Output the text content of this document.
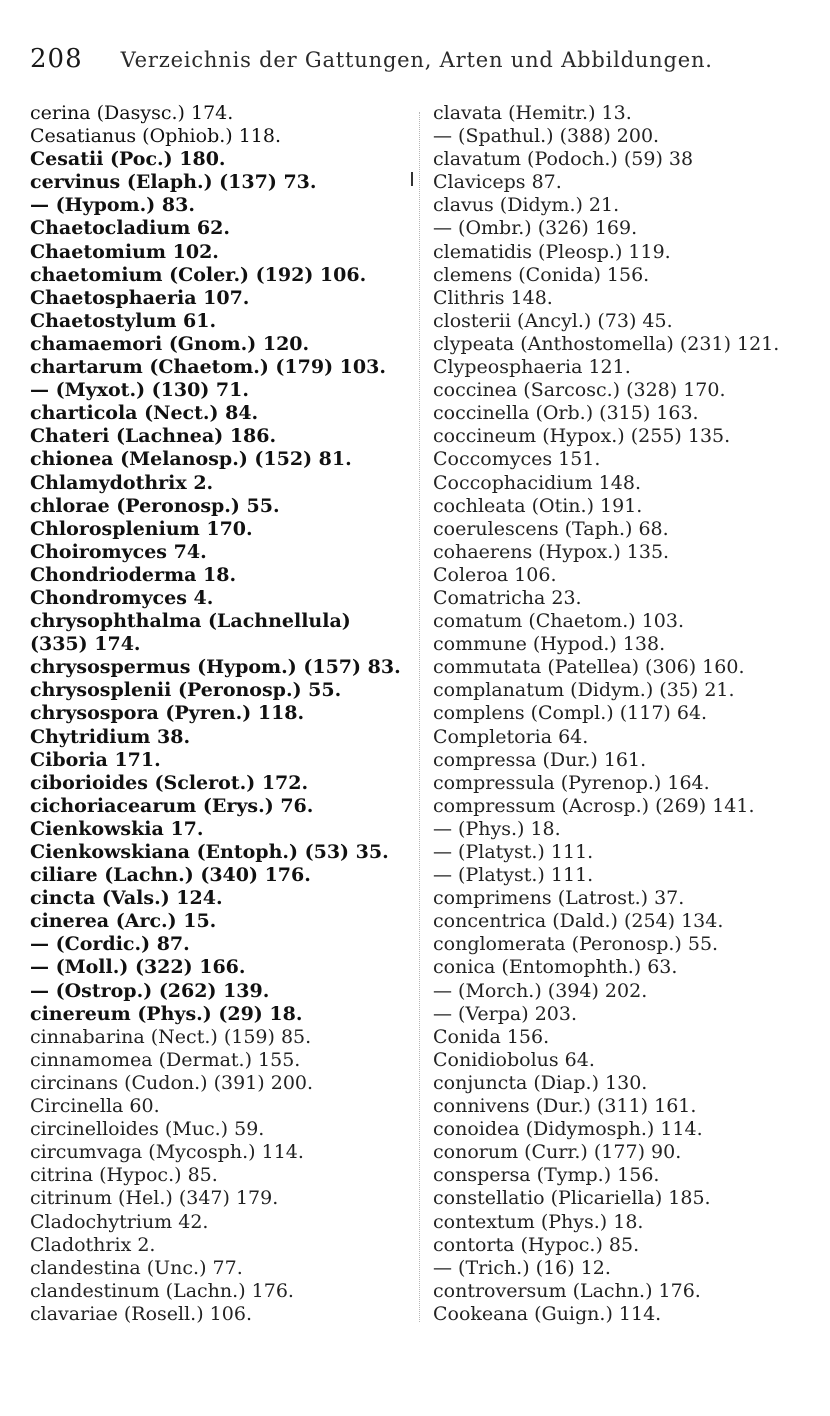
208 Verzeichnis der Gattungen, Arten und Abbildungen.
cerina (Dasysc.) 174.
Cesatianus (Ophiob.) 118.
Cesatii (Poc.) 180.
cervinus (Elaph.) (137) 73.
— (Hypom.) 83.
Chaetocladium 62.
Chaetomium 102.
chaetomium (Coler.) (192) 106.
Chaetosphaeria 107.
Chaetostylum 61.
chamaemori (Gnom.) 120.
chartarum (Chaetom.) (179) 103.
— (Myxot.) (130) 71.
charticola (Nect.) 84.
Chateri (Lachnea) 186.
chionea (Melanosp.) (152) 81.
Chlamydothrix 2.
chlorae (Peronosp.) 55.
Chlorosplenium 170.
Choiromyces 74.
Chondrioderma 18.
Chondromyces 4.
chrysophthalma (Lachnellula) (335) 174.
chrysospermus (Hypom.) (157) 83.
chrysosplenii (Peronosp.) 55.
chrysospora (Pyren.) 118.
Chytridium 38.
Ciboria 171.
ciborioides (Sclerot.) 172.
cichoriacearum (Erys.) 76.
Cienkowskia 17.
Cienkowskiana (Entoph.) (53) 35.
ciliare (Lachn.) (340) 176.
cincta (Vals.) 124.
cinerea (Arc.) 15.
— (Cordic.) 87.
— (Moll.) (322) 166.
— (Ostrop.) (262) 139.
cinereum (Phys.) (29) 18.
cinnabarina (Nect.) (159) 85.
cinnamomea (Dermat.) 155.
circinans (Cudon.) (391) 200.
Circinella 60.
circinelloides (Muc.) 59.
circumvaga (Mycosph.) 114.
citrina (Hypoc.) 85.
citrinum (Hel.) (347) 179.
Cladochytrium 42.
Cladothrix 2.
clandestina (Unc.) 77.
clandestinum (Lachn.) 176.
clavariae (Rosell.) 106.
clavata (Hemitr.) 13.
— (Spathul.) (388) 200.
clavatum (Podoch.) (59) 38
Claviceps 87.
clavus (Didym.) 21.
— (Ombr.) (326) 169.
clematidis (Pleosp.) 119.
clemens (Conida) 156.
Clithris 148.
closterii (Ancyl.) (73) 45.
clypeata (Anthostomella) (231) 121.
Clypeosphaeria 121.
coccinea (Sarcosc.) (328) 170.
coccinella (Orb.) (315) 163.
coccineum (Hypox.) (255) 135.
Coccomyces 151.
Coccophacidium 148.
cochleata (Otin.) 191.
coerulescens (Taph.) 68.
cohaerens (Hypox.) 135.
Coleroa 106.
Comatricha 23.
comatum (Chaetom.) 103.
commune (Hypod.) 138.
commutata (Patellea) (306) 160.
complanatum (Didym.) (35) 21.
complens (Compl.) (117) 64.
Completoria 64.
compressa (Dur.) 161.
compressula (Pyrenop.) 164.
compressum (Acrosp.) (269) 141.
— (Phys.) 18.
— (Platyst.) 111.
— (Platyst.) 111.
comprimens (Latrost.) 37.
concentrica (Dald.) (254) 134.
conglomerata (Peronosp.) 55.
conica (Entomophth.) 63.
— (Morch.) (394) 202.
— (Verpa) 203.
Conida 156.
Conidiobolus 64.
conjuncta (Diap.) 130.
connivens (Dur.) (311) 161.
conoidea (Didymosph.) 114.
conorum (Curr.) (177) 90.
conspersa (Tymp.) 156.
constellatio (Plicariella) 185.
contextum (Phys.) 18.
contorta (Hypoc.) 85.
— (Trich.) (16) 12.
controversum (Lachn.) 176.
Cookeana (Guign.) 114.
